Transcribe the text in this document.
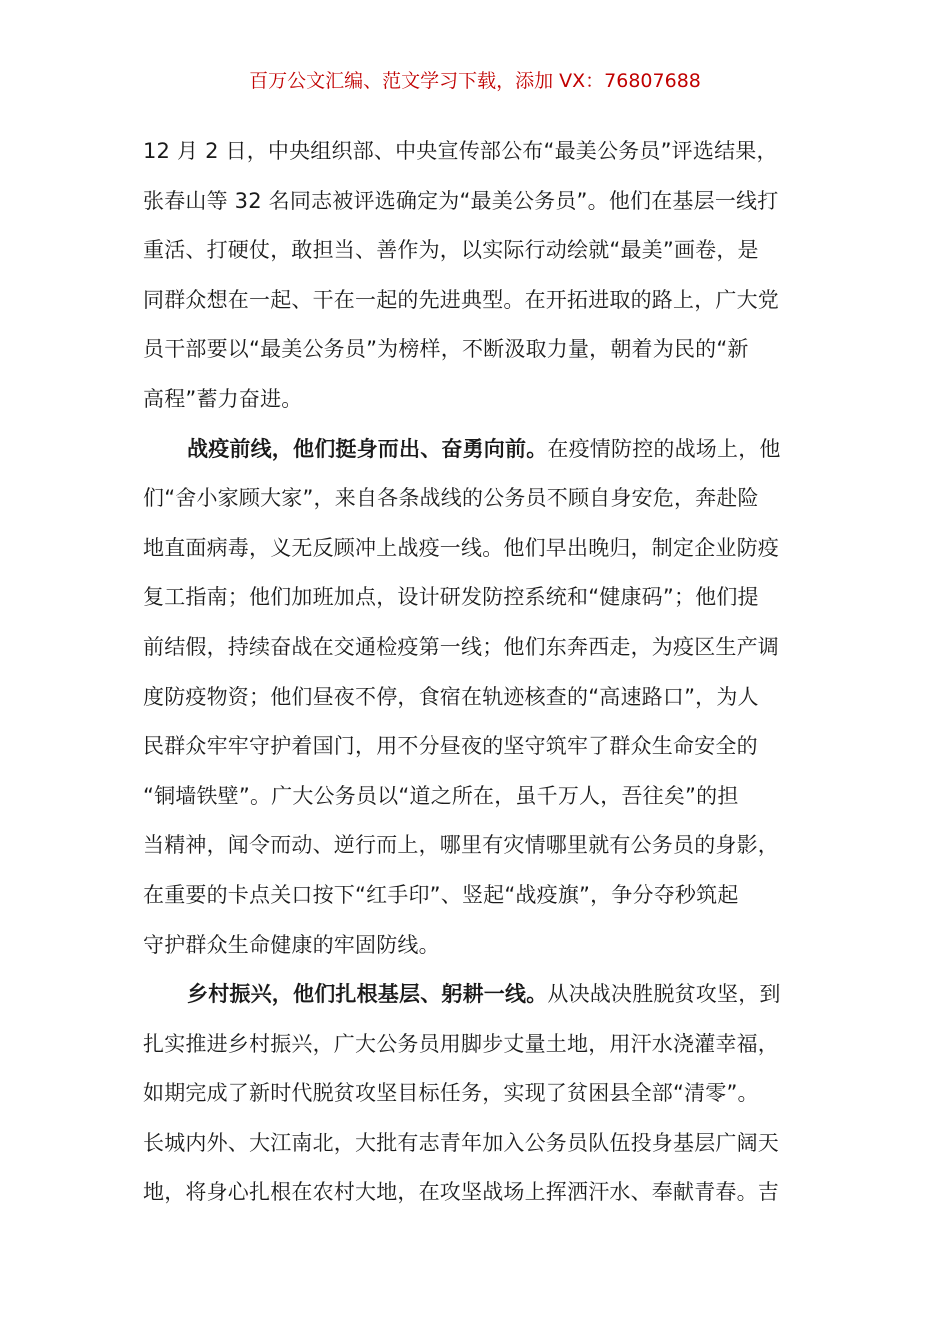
百万公文汇编、范文学习下载，添加 VX：76807688
12 月 2 日，中央组织部、中央宣传部公布“最美公务员”评选结果，
张春山等 32 名同志被评选确定为“最美公务员”。他们在基层一线打
重活、打硬仗，敢担当、善作为，以实际行动绘就“最美”画卷，是
同群众想在一起、干在一起的先进典型。在开拓进取的路上，广大党
员干部要以“最美公务员”为榜样，不断汲取力量，朝着为民的“新
高程”蓄力奋进。
战疫前线，他们挺身而出、奋勇向前。在疫情防控的战场上，他
们“舍小家顾大家”，来自各条战线的公务员不顾自身安危，奔赴险
地直面病毒，义无反顾冲上战疫一线。他们早出晚归，制定企业防疫
复工指南；他们加班加点，设计研发防控系统和“健康码”；他们提
前结假，持续奋战在交通检疫第一线；他们东奔西走，为疫区生产调
度防疫物资；他们昼夜不停，食宿在轨迹核查的“高速路口”，为人
民群众牢牢守护着国门，用不分昼夜的坚守筑牢了群众生命安全的
“铜墙铁壁”。广大公务员以“道之所在，虽千万人，吾往矣”的担
当精神，闻令而动、逆行而上，哪里有灾情哪里就有公务员的身影，
在重要的卡点关口按下“红手印”、竖起“战疫旗”，争分夺秒筑起
守护群众生命健康的牢固防线。
乡村振兴，他们扎根基层、躬耕一线。从决战决胜脱贫攻坚，到
扎实推进乡村振兴，广大公务员用脚步丈量土地，用汗水浇灌幸福，
如期完成了新时代脱贫攻坚目标任务，实现了贫困县全部“清零”。
长城内外、大江南北，大批有志青年加入公务员队伍投身基层广阔天
地，将身心扎根在农村大地，在攻坚战场上挥洒汗水、奉献青春。吉
